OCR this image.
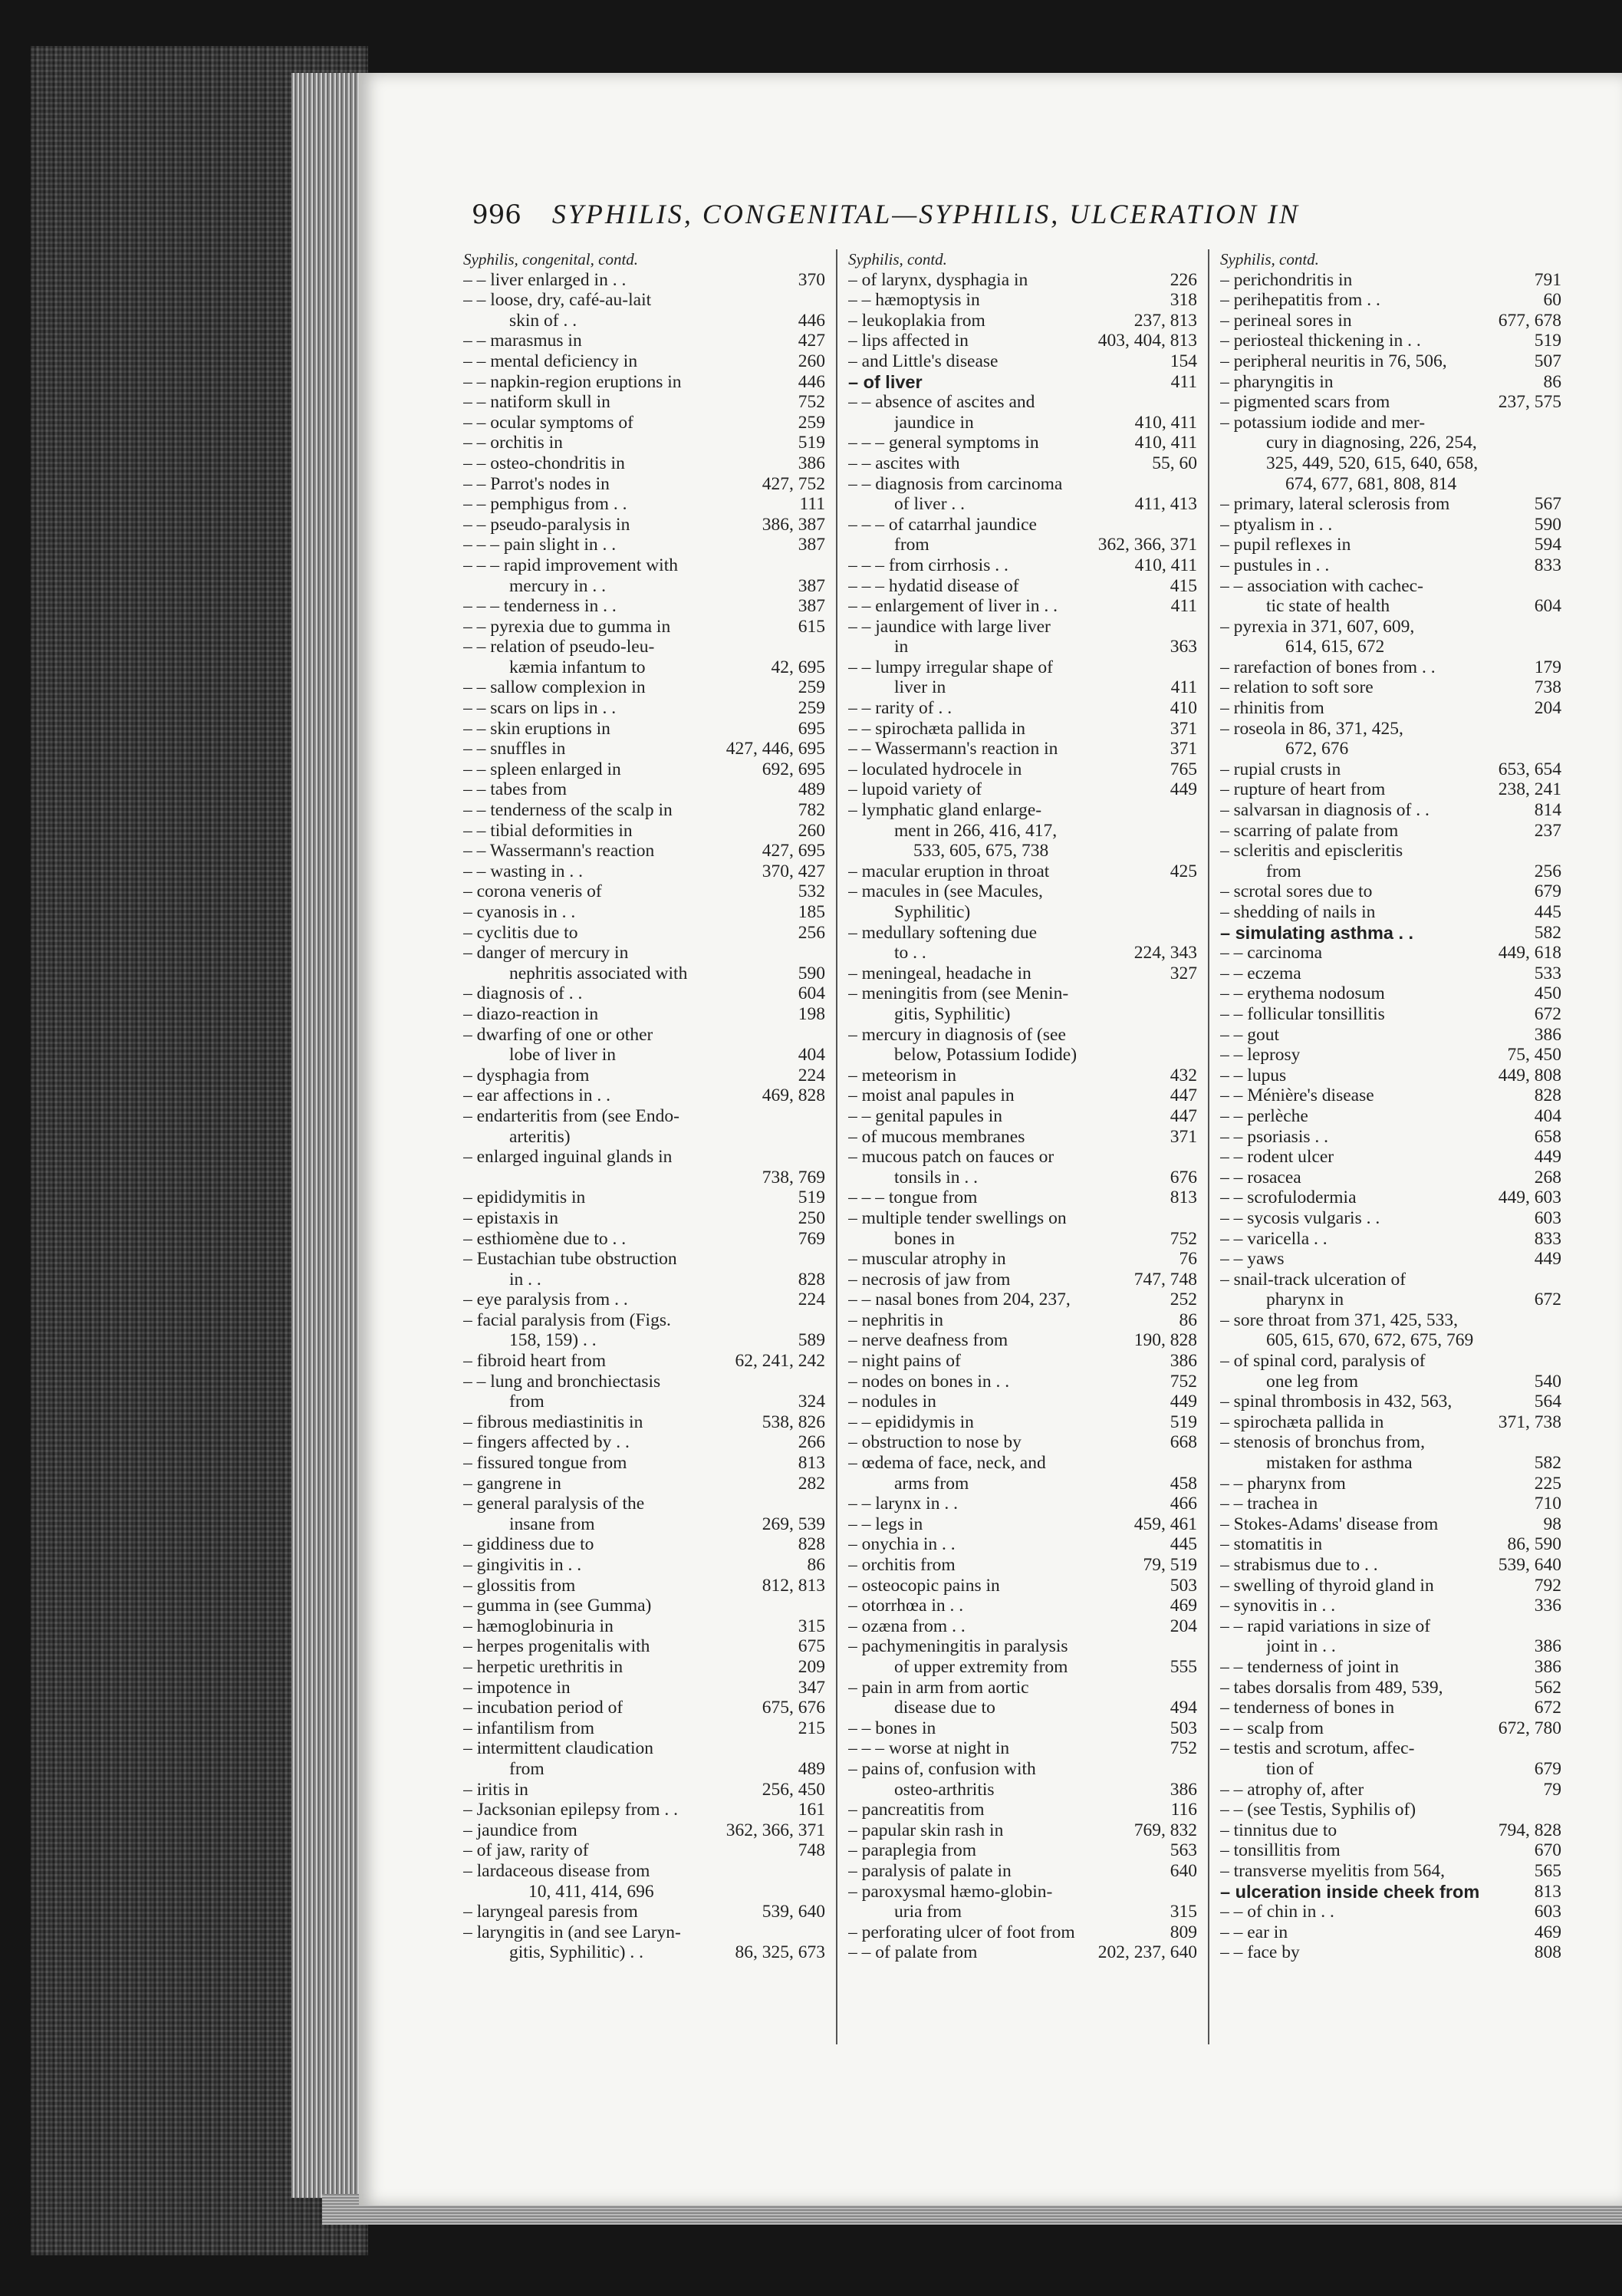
996 SYPHILIS, CONGENITAL—SYPHILIS, ULCERATION IN
Syphilis, congenital, contd.
– – liver enlarged in . .	370
– – loose, dry, café-au-lait
skin of . .	446
– – marasmus in	427
– – mental deficiency in	260
– – napkin-region eruptions in	446
– – natiform skull in	752
– – ocular symptoms of	259
– – orchitis in	519
– – osteo-chondritis in	386
– – Parrot's nodes in	427, 752
– – pemphigus from . .	111
– – pseudo-paralysis in	386, 387
– – – pain slight in . .	387
– – – rapid improvement with
mercury in . .	387
– – – tenderness in . .	387
– – pyrexia due to gumma in	615
– – relation of pseudo-leu-
kæmia infantum to	42, 695
– – sallow complexion in	259
– – scars on lips in . .	259
– – skin eruptions in	695
– – snuffles in	427, 446, 695
– – spleen enlarged in	692, 695
– – tabes from	489
– – tenderness of the scalp in	782
– – tibial deformities in	260
– – Wassermann's reaction	427, 695
– – wasting in . .	370, 427
– corona veneris of	532
– cyanosis in . .	185
– cyclitis due to	256
– danger of mercury in
nephritis associated with	590
– diagnosis of . .	604
– diazo-reaction in	198
– dwarfing of one or other
lobe of liver in	404
– dysphagia from	224
– ear affections in . .	469, 828
– endarteritis from (see Endo-
arteritis)
– enlarged inguinal glands in
738, 769
– epididymitis in	519
– epistaxis in	250
– esthiomène due to . .	769
– Eustachian tube obstruction
in . .	828
– eye paralysis from . .	224
– facial paralysis from (Figs.
158, 159) . .	589
– fibroid heart from	62, 241, 242
– – lung and bronchiectasis
from	324
– fibrous mediastinitis in	538, 826
– fingers affected by . .	266
– fissured tongue from	813
– gangrene in	282
– general paralysis of the
insane from	269, 539
– giddiness due to	828
– gingivitis in . .	86
– glossitis from	812, 813
– gumma in (see Gumma)
– hæmoglobinuria in	315
– herpes progenitalis with	675
– herpetic urethritis in	209
– impotence in	347
– incubation period of	675, 676
– infantilism from	215
– intermittent claudication
from	489
– iritis in	256, 450
– Jacksonian epilepsy from . .	161
– jaundice from	362, 366, 371
– of jaw, rarity of	748
– lardaceous disease from
10, 411, 414, 696
– laryngeal paresis from	539, 640
– laryngitis in (and see Laryn-
gitis, Syphilitic) . .	86, 325, 673
Syphilis, contd.
– of larynx, dysphagia in	226
– – hæmoptysis in	318
– leukoplakia from	237, 813
– lips affected in	403, 404, 813
– and Little's disease	154
– of liver	411
– – absence of ascites and
jaundice in	410, 411
– – – general symptoms in	410, 411
– – ascites with	55, 60
– – diagnosis from carcinoma
of liver . .	411, 413
– – – of catarrhal jaundice
from	362, 366, 371
– – – from cirrhosis . .	410, 411
– – – hydatid disease of	415
– – enlargement of liver in . .	411
– – jaundice with large liver
in	363
– – lumpy irregular shape of
liver in	411
– – rarity of . .	410
– – spirochæta pallida in	371
– – Wassermann's reaction in	371
– loculated hydrocele in	765
– lupoid variety of	449
– lymphatic gland enlarge-
ment in 266, 416, 417,
533, 605, 675, 738
– macular eruption in throat	425
– macules in (see Macules,
Syphilitic)
– medullary softening due
to . .	224, 343
– meningeal, headache in	327
– meningitis from (see Menin-
gitis, Syphilitic)
– mercury in diagnosis of (see
below, Potassium Iodide)
– meteorism in	432
– moist anal papules in	447
– – genital papules in	447
– of mucous membranes	371
– mucous patch on fauces or
tonsils in . .	676
– – – tongue from	813
– multiple tender swellings on
bones in	752
– muscular atrophy in	76
– necrosis of jaw from	747, 748
– – nasal bones from 204, 237,	252
– nephritis in	86
– nerve deafness from	190, 828
– night pains of	386
– nodes on bones in . .	752
– nodules in	449
– – epididymis in	519
– obstruction to nose by	668
– œdema of face, neck, and
arms from	458
– – larynx in . .	466
– – legs in	459, 461
– onychia in . .	445
– orchitis from	79, 519
– osteocopic pains in	503
– otorrhœa in . .	469
– ozæna from . .	204
– pachymeningitis in paralysis
of upper extremity from	555
– pain in arm from aortic
disease due to	494
– – bones in	503
– – – worse at night in	752
– pains of, confusion with
osteo-arthritis	386
– pancreatitis from	116
– papular skin rash in	769, 832
– paraplegia from	563
– paralysis of palate in	640
– paroxysmal hæmo-globin-
uria from	315
– perforating ulcer of foot from	809
– – of palate from	202, 237, 640
Syphilis, contd.
– perichondritis in	791
– perihepatitis from . .	60
– perineal sores in	677, 678
– periosteal thickening in . .	519
– peripheral neuritis in 76, 506,	507
– pharyngitis in	86
– pigmented scars from	237, 575
– potassium iodide and mer-
cury in diagnosing, 226, 254,
325, 449, 520, 615, 640, 658,
674, 677, 681, 808, 814
– primary, lateral sclerosis from	567
– ptyalism in . .	590
– pupil reflexes in	594
– pustules in . .	833
– – association with cachec-
tic state of health	604
– pyrexia in 371, 607, 609,
614, 615, 672
– rarefaction of bones from . .	179
– relation to soft sore	738
– rhinitis from	204
– roseola in 86, 371, 425,
672, 676
– rupial crusts in	653, 654
– rupture of heart from	238, 241
– salvarsan in diagnosis of . .	814
– scarring of palate from	237
– scleritis and episcleritis
from	256
– scrotal sores due to	679
– shedding of nails in	445
– simulating asthma . .	582
– – carcinoma	449, 618
– – eczema	533
– – erythema nodosum	450
– – follicular tonsillitis	672
– – gout	386
– – leprosy	75, 450
– – lupus	449, 808
– – Ménière's disease	828
– – perlèche	404
– – psoriasis . .	658
– – rodent ulcer	449
– – rosacea	268
– – scrofulodermia	449, 603
– – sycosis vulgaris . .	603
– – varicella . .	833
– – yaws	449
– snail-track ulceration of
pharynx in	672
– sore throat from 371, 425, 533,
605, 615, 670, 672, 675, 769
– of spinal cord, paralysis of
one leg from	540
– spinal thrombosis in 432, 563,	564
– spirochæta pallida in	371, 738
– stenosis of bronchus from,
mistaken for asthma	582
– – pharynx from	225
– – trachea in	710
– Stokes-Adams' disease from	98
– stomatitis in	86, 590
– strabismus due to . .	539, 640
– swelling of thyroid gland in	792
– synovitis in . .	336
– – rapid variations in size of
joint in . .	386
– – tenderness of joint in	386
– tabes dorsalis from 489, 539,	562
– tenderness of bones in	672
– – scalp from	672, 780
– testis and scrotum, affec-
tion of	679
– – atrophy of, after	79
– – (see Testis, Syphilis of)
– tinnitus due to	794, 828
– tonsillitis from	670
– transverse myelitis from 564,	565
– ulceration inside cheek from	813
– – of chin in . .	603
– – ear in	469
– – face by	808
